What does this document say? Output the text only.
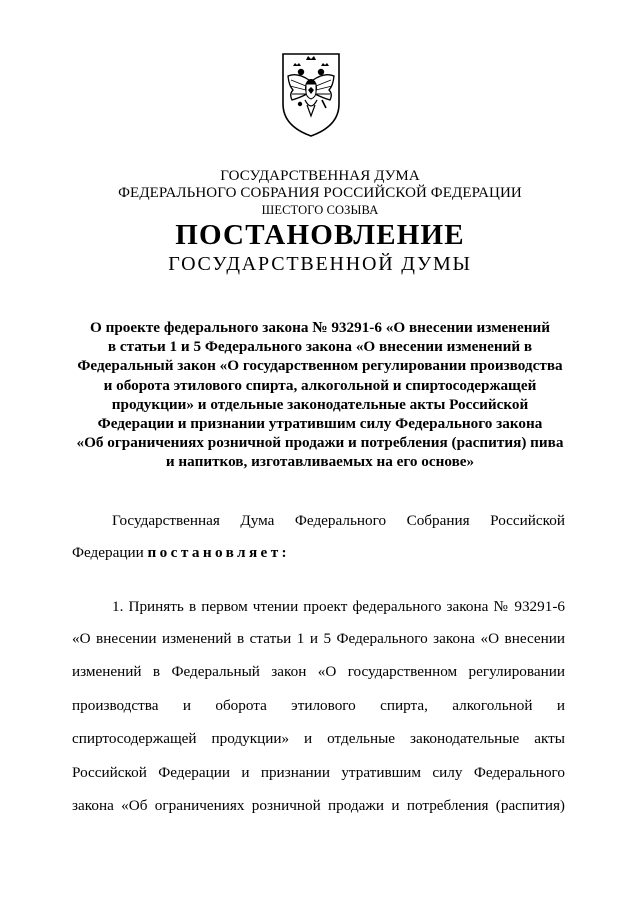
ГОСУДАРСТВЕННАЯ ДУМА
ФЕДЕРАЛЬНОГО СОБРАНИЯ РОССИЙСКОЙ ФЕДЕРАЦИИ
ШЕСТОГО СОЗЫВА
ПОСТАНОВЛЕНИЕ
ГОСУДАРСТВЕННОЙ ДУМЫ
О проекте федерального закона № 93291-6 «О внесении изменений
в статьи 1 и 5 Федерального закона «О внесении изменений в
Федеральный закон «О государственном регулировании производства
и оборота этилового спирта, алкогольной и спиртосодержащей
продукции» и отдельные законодательные акты Российской
Федерации и признании утратившим силу Федерального закона
«Об ограничениях розничной продажи и потребления (распития) пива
и напитков, изготавливаемых на его основе»
Государственная Дума Федерального Собрания Российской
Федерации постановляет:
1. Принять в первом чтении проект федерального закона № 93291-6
«О внесении изменений в статьи 1 и 5 Федерального закона «О внесении
изменений в Федеральный закон «О государственном регулировании
производства и оборота этилового спирта, алкогольной и
спиртосодержащей продукции» и отдельные законодательные акты
Российской Федерации и признании утратившим силу Федерального
закона «Об ограничениях розничной продажи и потребления (распития)
